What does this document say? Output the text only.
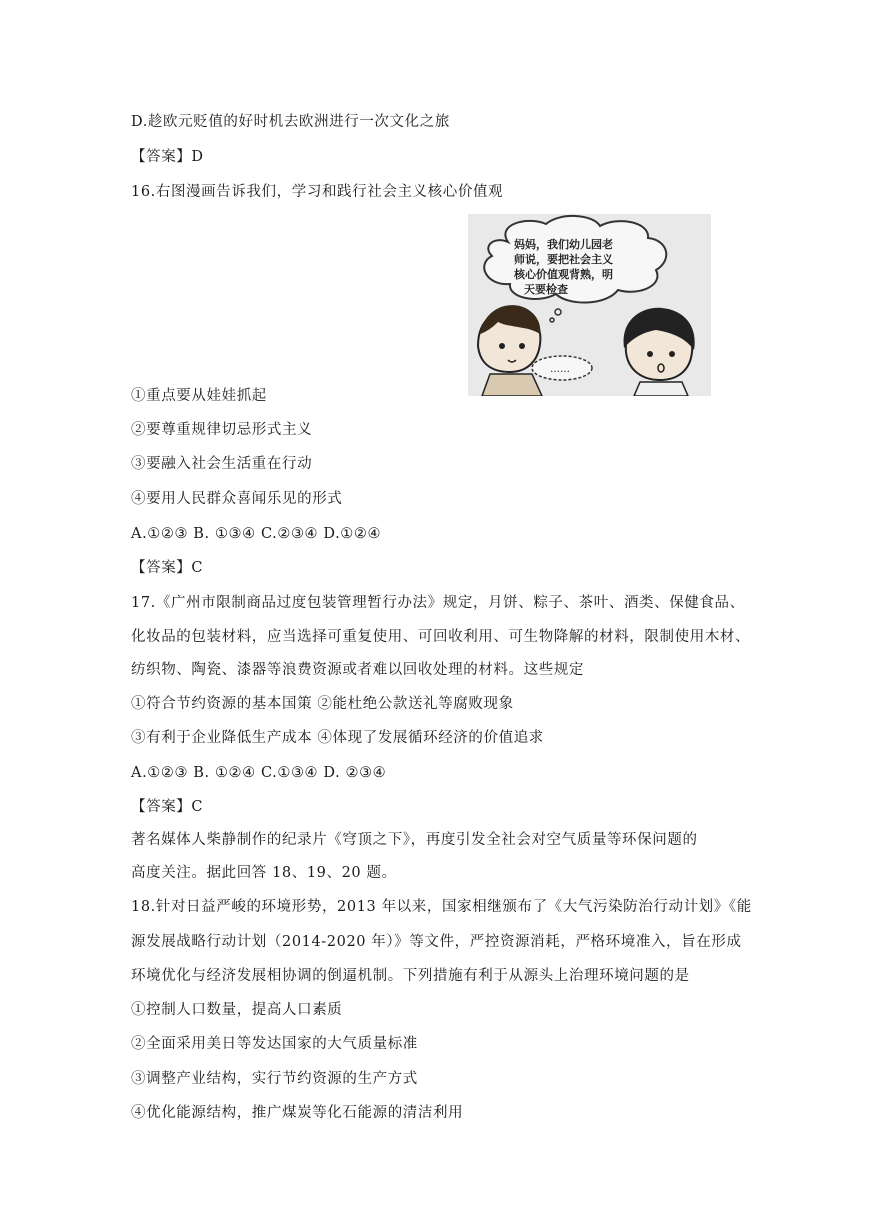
D.趁欧元贬值的好时机去欧洲进行一次文化之旅
【答案】D
16.右图漫画告诉我们，学习和践行社会主义核心价值观
①重点要从娃娃抓起
②要尊重规律切忌形式主义
③要融入社会生活重在行动
④要用人民群众喜闻乐见的形式
A.①②③ B. ①③④ C.②③④ D.①②④
【答案】C
17.《广州市限制商品过度包装管理暂行办法》规定，月饼、粽子、茶叶、酒类、保健食品、
化妆品的包装材料，应当选择可重复使用、可回收利用、可生物降解的材料，限制使用木材、
纺织物、陶瓷、漆器等浪费资源或者难以回收处理的材料。这些规定
①符合节约资源的基本国策 ②能杜绝公款送礼等腐败现象
③有利于企业降低生产成本 ④体现了发展循环经济的价值追求
A.①②③ B. ①②④ C.①③④ D. ②③④
【答案】C
著名媒体人柴静制作的纪录片《穹顶之下》，再度引发全社会对空气质量等环保问题的
高度关注。据此回答 18、19、20 题。
18.针对日益严峻的环境形势，2013 年以来，国家相继颁布了《大气污染防治行动计划》《能
源发展战略行动计划（2014-2020 年）》等文件，严控资源消耗，严格环境准入，旨在形成
环境优化与经济发展相协调的倒逼机制。下列措施有利于从源头上治理环境问题的是
①控制人口数量，提高人口素质
②全面采用美日等发达国家的大气质量标准
③调整产业结构，实行节约资源的生产方式
④优化能源结构，推广煤炭等化石能源的清洁利用
妈妈，我们幼儿园老
师说，要把社会主义
核心价值观背熟，明
天要检查
……
